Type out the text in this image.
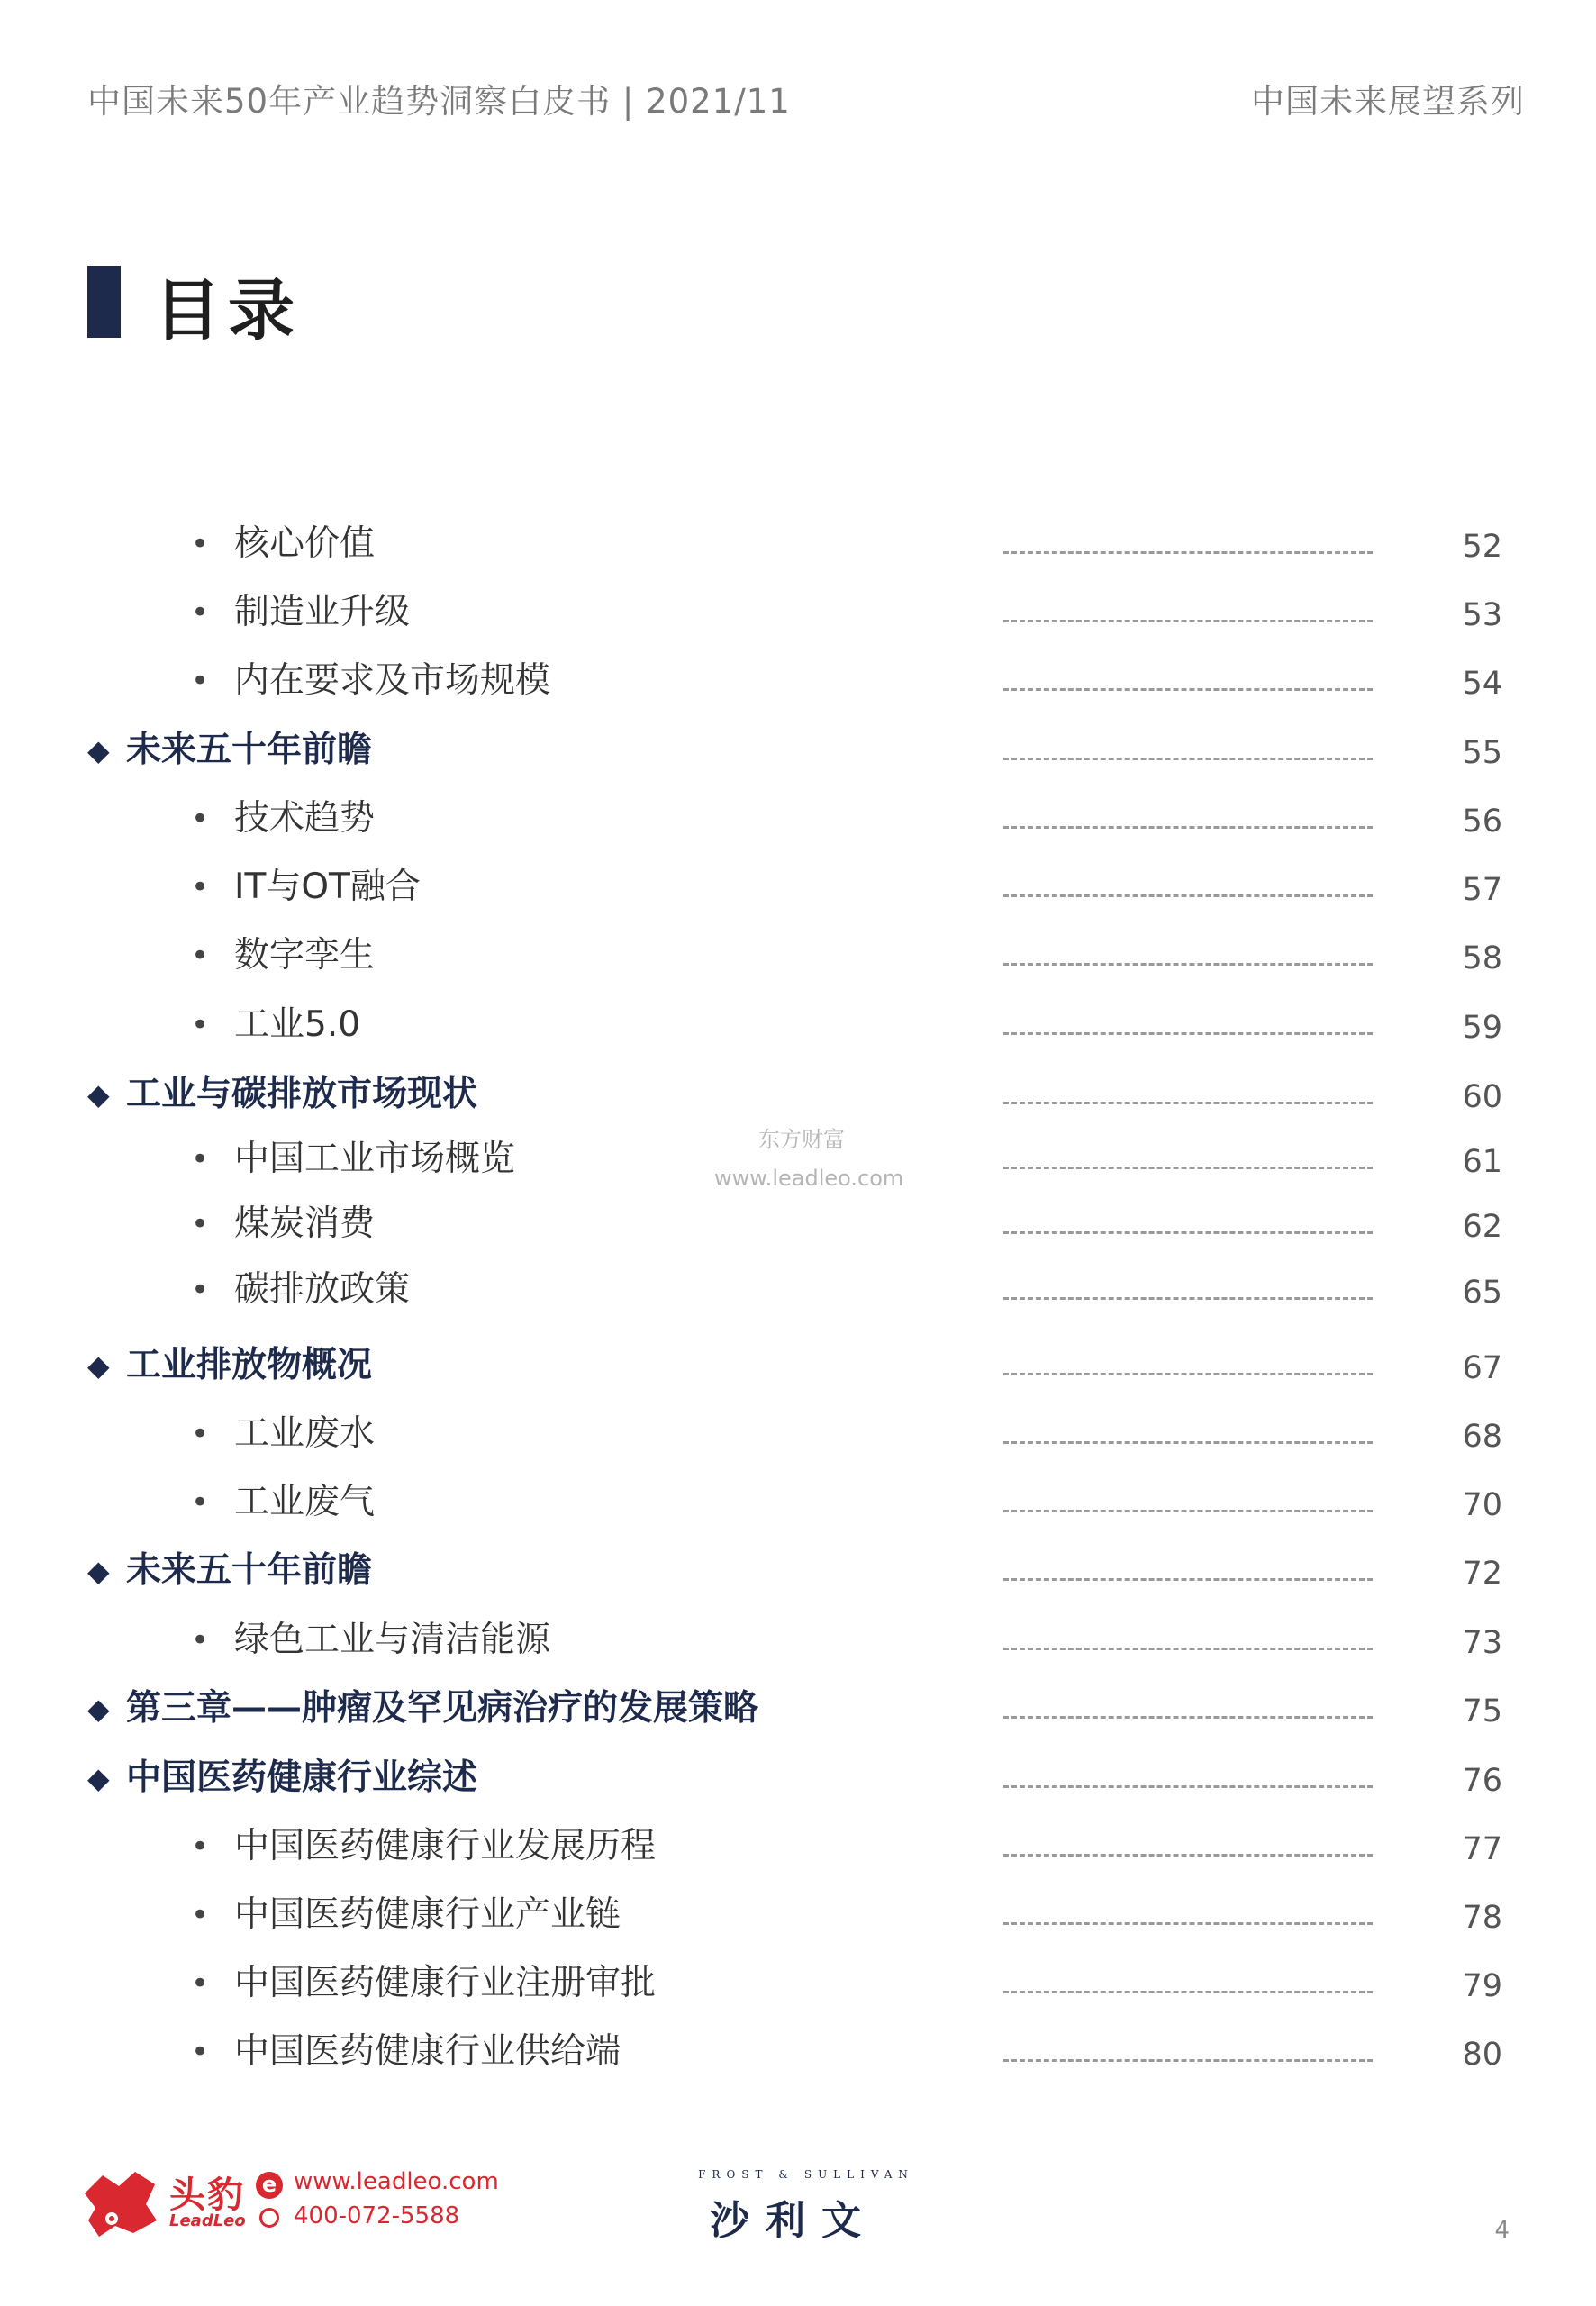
中国未来50年产业趋势洞察白皮书 | 2021/11	中国未来展望系列
目录
• 核心价值	52
• 制造业升级	53
• 内在要求及市场规模	54
◆ 未来五十年前瞻	55
• 技术趋势	56
• IT与OT融合	57
• 数字孪生	58
• 工业5.0	59
◆ 工业与碳排放市场现状	60
• 中国工业市场概览	61
• 煤炭消费	62
• 碳排放政策	65
◆ 工业排放物概况	67
• 工业废水	68
• 工业废气	70
◆ 未来五十年前瞻	72
• 绿色工业与清洁能源	73
◆ 第三章——肿瘤及罕见病治疗的发展策略	75
◆ 中国医药健康行业综述	76
• 中国医药健康行业发展历程	77
• 中国医药健康行业产业链	78
• 中国医药健康行业注册审批	79
• 中国医药健康行业供给端	80
东方财富
www.leadleo.com
头豹
LeadLeo
e www.leadleo.com
400-072-5588
FROST & SULLIVAN
沙利文	4
